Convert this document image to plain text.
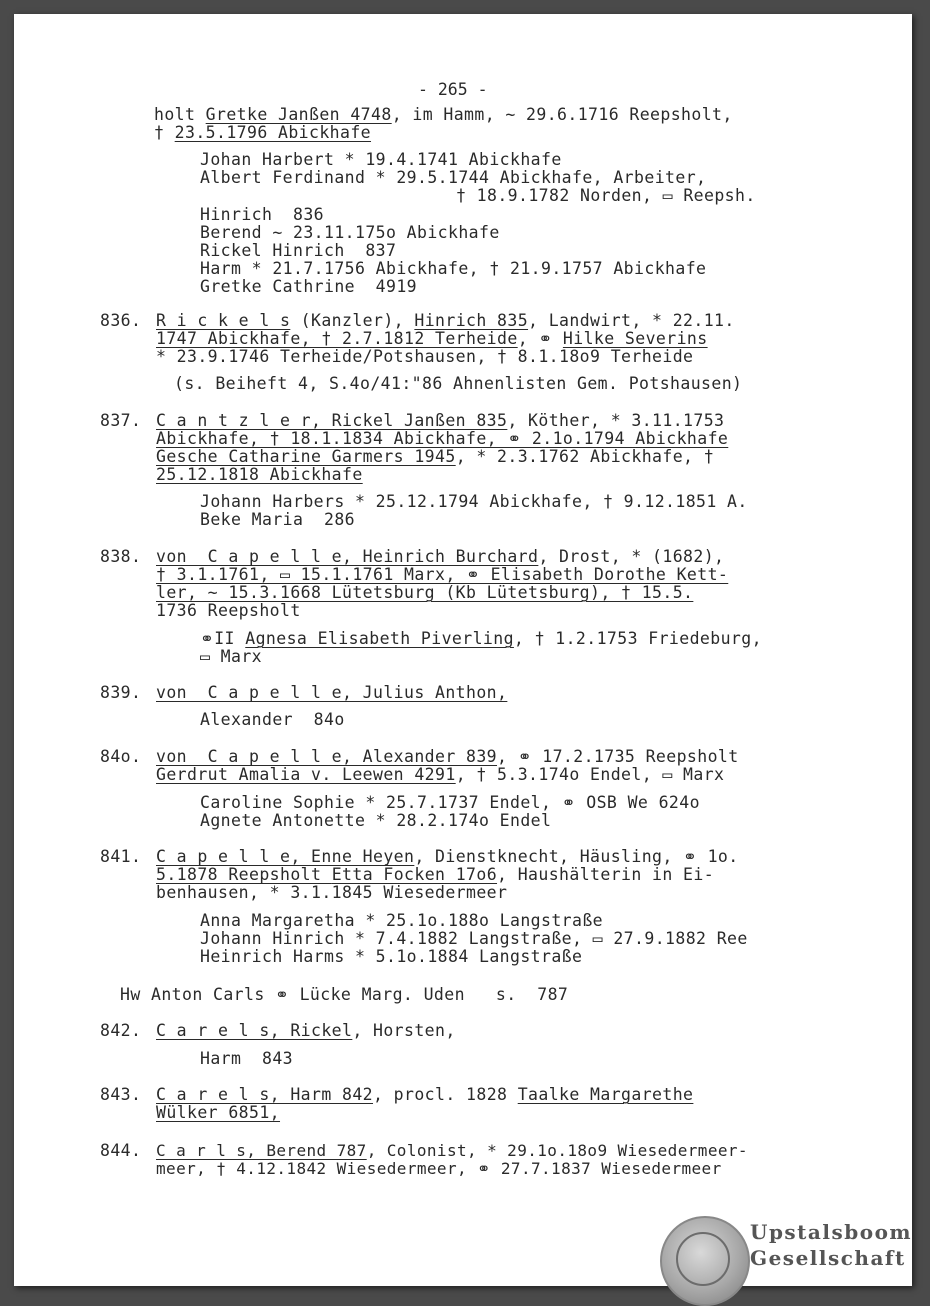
- 265 -
holt Gretke Janßen 4748, im Hamm, ~ 29.6.1716 Reepsholt,
† 23.5.1796 Abickhafe
Johan Harbert * 19.4.1741 Abickhafe
Albert Ferdinand * 29.5.1744 Abickhafe, Arbeiter,
† 18.9.1782 Norden, ▭ Reepsh.
Hinrich  836
Berend ~ 23.11.175o Abickhafe
Rickel Hinrich  837
Harm * 21.7.1756 Abickhafe, † 21.9.1757 Abickhafe
Gretke Cathrine  4919
836. R i c k e l s (Kanzler), Hinrich 835, Landwirt, * 22.11.
1747 Abickhafe, † 2.7.1812 Terheide, ⚭ Hilke Severins
* 23.9.1746 Terheide/Potshausen, † 8.1.18o9 Terheide
(s. Beiheft 4, S.4o/41:"86 Ahnenlisten Gem. Potshausen)
837. C a n t z l e r, Rickel Janßen 835, Köther, * 3.11.1753
Abickhafe, † 18.1.1834 Abickhafe, ⚭ 2.1o.1794 Abickhafe
Gesche Catharine Garmers 1945, * 2.3.1762 Abickhafe, †
25.12.1818 Abickhafe
Johann Harbers * 25.12.1794 Abickhafe, † 9.12.1851 A.
Beke Maria  286
838. von  C a p e l l e, Heinrich Burchard, Drost, * (1682),
† 3.1.1761, ▭ 15.1.1761 Marx, ⚭ Elisabeth Dorothe Kett-
ler, ~ 15.3.1668 Lütetsburg (Kb Lütetsburg), † 15.5.
1736 Reepsholt
⚭II Agnesa Elisabeth Piverling, † 1.2.1753 Friedeburg,
▭ Marx
839. von  C a p e l l e, Julius Anthon,
Alexander  84o
84o. von  C a p e l l e, Alexander 839, ⚭ 17.2.1735 Reepsholt
Gerdrut Amalia v. Leewen 4291, † 5.3.174o Endel, ▭ Marx
Caroline Sophie * 25.7.1737 Endel, ⚭ OSB We 624o
Agnete Antonette * 28.2.174o Endel
841. C a p e l l e, Enne Heyen, Dienstknecht, Häusling, ⚭ 1o.
5.1878 Reepsholt Etta Focken 17o6, Haushälterin in Ei-
benhausen, * 3.1.1845 Wiesedermeer
Anna Margaretha * 25.1o.188o Langstraße
Johann Hinrich * 7.4.1882 Langstraße, ▭ 27.9.1882 Ree
Heinrich Harms * 5.1o.1884 Langstraße
Hw Anton Carls ⚭ Lücke Marg. Uden   s.  787
842. C a r e l s, Rickel, Horsten,
Harm  843
843. C a r e l s, Harm 842, procl. 1828 Taalke Margarethe
Wülker 6851,
844. C a r l s, Berend 787, Colonist, * 29.1o.18o9 Wiesedermeer-
meer, † 4.12.1842 Wiesedermeer, ⚭ 27.7.1837 Wiesedermeer
Upstalsboom
Gesellschaft
